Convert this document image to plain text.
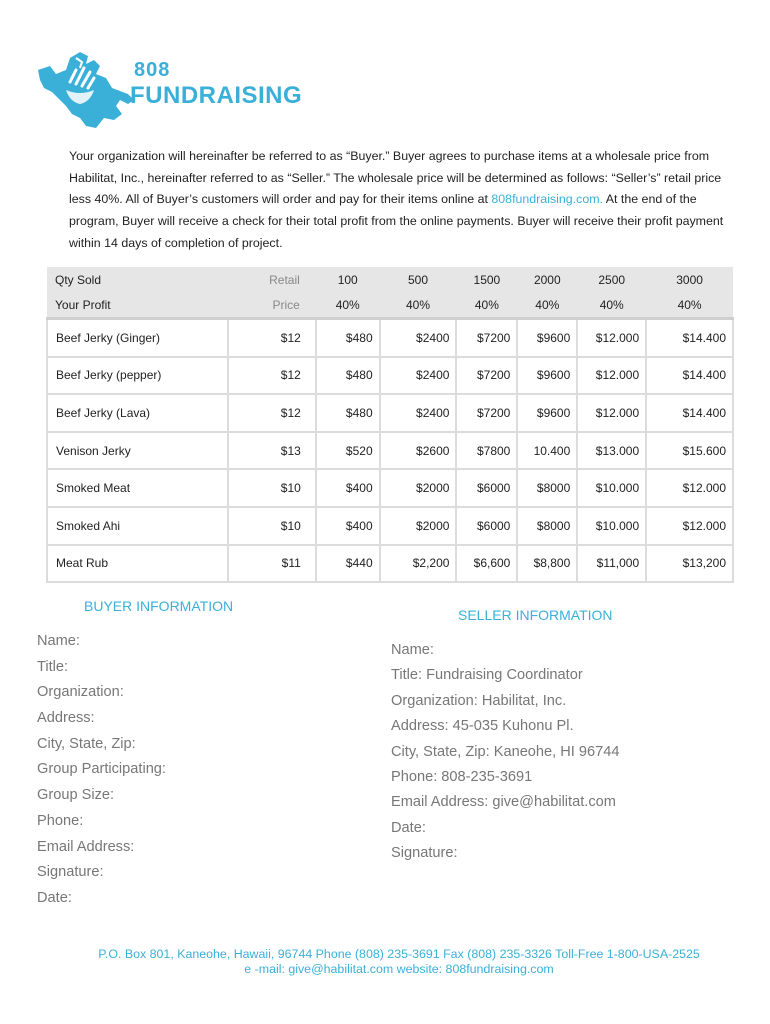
808
FUNDRAISING

Your organization will hereinafter be referred to as “Buyer.” Buyer agrees to purchase items at a wholesale price from Habilitat, Inc., hereinafter referred to as “Seller.” The wholesale price will be determined as follows: “Seller’s” retail price less 40%. All of Buyer’s customers will order and pay for their items online at 808fundraising.com. At the end of the program, Buyer will receive a check for their total profit from the online payments. Buyer will receive their profit payment within 14 days of completion of project.

Qty Sold	Retail	100	500	1500	2000	2500	3000
Your Profit	Price	40%	40%	40%	40%	40%	40%
Beef Jerky (Ginger)	$12	$480	$2400	$7200	$9600	$12.000	$14.400
Beef Jerky (pepper)	$12	$480	$2400	$7200	$9600	$12.000	$14.400
Beef Jerky (Lava)	$12	$480	$2400	$7200	$9600	$12.000	$14.400
Venison Jerky	$13	$520	$2600	$7800	10.400	$13.000	$15.600
Smoked Meat	$10	$400	$2000	$6000	$8000	$10.000	$12.000
Smoked Ahi	$10	$400	$2000	$6000	$8000	$10.000	$12.000
Meat Rub	$11	$440	$2,200	$6,600	$8,800	$11,000	$13,200
BUYER INFORMATION
Name:
Title:
Organization:
Address:
City, State, Zip:
Group Participating:
Group Size:
Phone:
Email Address:
Signature:
Date:
SELLER INFORMATION
Name:
Title: Fundraising Coordinator
Organization: Habilitat, Inc.
Address: 45-035 Kuhonu Pl.
City, State, Zip: Kaneohe, HI 96744
Phone: 808-235-3691
Email Address: give@habilitat.com
Date:
Signature:
P.O. Box 801, Kaneohe, Hawaii, 96744 Phone (808) 235-3691 Fax (808) 235-3326 Toll-Free 1-800-USA-2525
e -mail: give@habilitat.com website: 808fundraising.com
